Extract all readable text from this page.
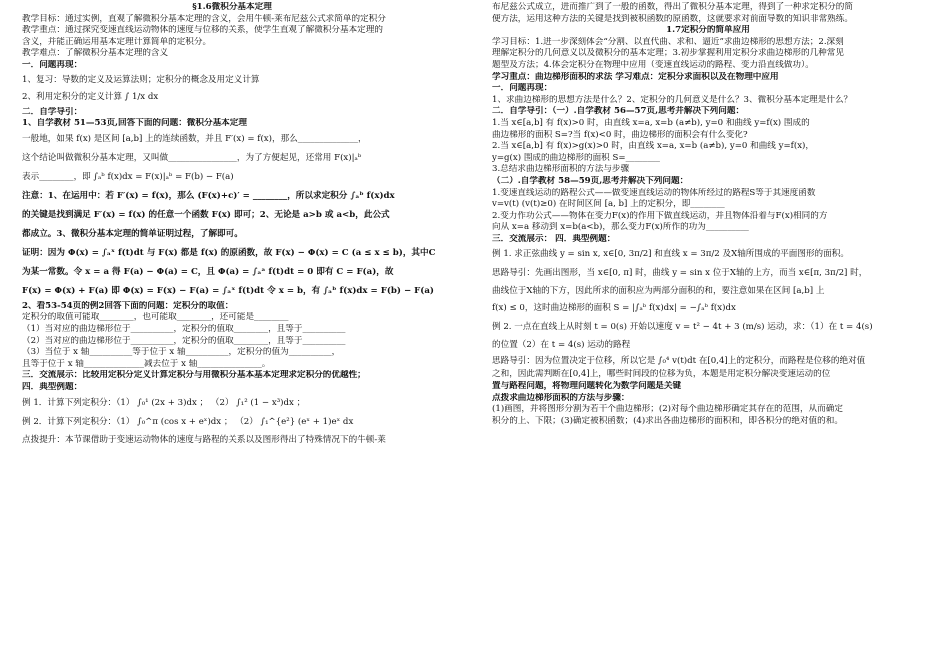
§1.6微积分基本定理
教学目标：通过实例，直观了解微积分基本定理的含义，会用牛顿-莱布尼兹公式求简单的定积分
教学重点：通过探究变速直线运动物体的速度与位移的关系，使学生直观了解微积分基本定理的
含义，并能正确运用基本定理计算简单的定积分。
教学难点：了解微积分基本定理的含义
一．问题再现：
1、复习：导数的定义及运算法则；定积分的概念及用定义计算
2、利用定积分的定义计算 ∫ 1/x dx
二．自学导引：
1、自学教材 51—53页,回答下面的问题：微积分基本定理
一般地，如果 f(x) 是区间 [a,b] 上的连续函数，并且 F′(x) = f(x)，那么______________，
这个结论叫做微积分基本定理，又叫做________________，为了方便起见，还常用 F(x)|ₐᵇ
表示________，即 ∫ₐᵇ f(x)dx = F(x)|ₐᵇ = F(b) − F(a)
注意：1、在运用中：若 F′(x) = f(x)，那么 (F(x)+c)′ = ________，所以求定积分 ∫ₐᵇ f(x)dx
的关键是找到满足 F′(x) = f(x) 的任意一个函数 F(x) 即可；2、无论是 a>b 或 a<b，此公式
都成立。3、微积分基本定理的简单证明过程，了解即可。
证明：因为 Φ(x) = ∫ₐˣ f(t)dt 与 F(x) 都是 f(x) 的原函数，故 F(x) − Φ(x) = C (a ≤ x ≤ b)，其中C
为某一常数。令 x = a 得 F(a) − Φ(a) = C，且 Φ(a) = ∫ₐᵃ f(t)dt = 0 即有 C = F(a)，故
F(x) = Φ(x) + F(a) 即 Φ(x) = F(x) − F(a) = ∫ₐˣ f(t)dt 令 x = b，有 ∫ₐᵇ f(x)dx = F(b) − F(a)
2、看53-54页的例2回答下面的问题：定积分的取值：
定积分的取值可能取________，也可能取________，还可能是________
（1）当对应的曲边梯形位于__________，定积分的值取________，且等于__________
（2）当对应的曲边梯形位于__________，定积分的值取________，且等于__________
（3）当位于 x 轴__________等于位于 x 轴__________，定积分的值为__________，
且等于位于 x 轴______________减去位于 x 轴_______________。
三．交流展示：比较用定积分定义计算定积分与用微积分基本基本定理求定积分的优越性；
四．典型例题：
例 1．计算下列定积分：（1） ∫₀¹ (2x + 3)dx ； （2） ∫₁² (1 − x³)dx ；
例 2．计算下列定积分：（1） ∫₀^π (cos x + eˣ)dx ； （2） ∫₁^{e²} (eˣ + 1)eˣ dx
点拨提升：本节课借助于变速运动物体的速度与路程的关系以及图形得出了特殊情况下的牛顿-莱
布尼兹公式成立，进而推广到了一般的函数，得出了微积分基本定理，得到了一种求定积分的简
便方法，运用这种方法的关键是找到被积函数的原函数，这就要求对前面导数的知识非常熟练。
1.7定积分的简单应用
学习目标：1.进一步深刻体会“分割、以直代曲、求和、逼近”求曲边梯形的思想方法；2.深刻
理解定积分的几何意义以及微积分的基本定理；3.初步掌握利用定积分求曲边梯形的几种常见
题型及方法；4.体会定积分在物理中应用（变速直线运动的路程、变力沿直线做功）。
学习重点：曲边梯形面积的求法 学习难点：定积分求面积以及在物理中应用
一．问题再现：
1、求曲边梯形的思想方法是什么？2、定积分的几何意义是什么？3、微积分基本定理是什么？
二．自学导引：（一）.自学教材 56—57页,思考并解决下列问题：
1.当 x∈[a,b] 有 f(x)>0 时，由直线 x=a, x=b (a≠b), y=0 和曲线 y=f(x) 围成的
曲边梯形的面积 S=?当 f(x)<0 时，曲边梯形的面积会有什么变化?
2.当 x∈[a,b] 有 f(x)>g(x)>0 时，由直线 x=a, x=b (a≠b), y=0 和曲线 y=f(x)，
y=g(x) 围成的曲边梯形的面积 S=________
3.总结求曲边梯形面积的方法与步骤
（二）.自学教材 58—59页,思考并解决下列问题：
1.变速直线运动的路程公式——做变速直线运动的物体所经过的路程S等于其速度函数
v=v(t) (v(t)≥0) 在时间区间 [a, b] 上的定积分，即________
2.变力作功公式——物体在变力F(x)的作用下做直线运动，并且物体沿着与F(x)相同的方
向从 x=a 移动到 x=b(a<b)，那么变力F(x)所作的功为__________
三．交流展示： 四．典型例题：
例 1. 求正弦曲线 y = sin x, x∈[0, 3π/2] 和直线 x = 3π/2 及X轴所围成的平面图形的面积。
思路导引：先画出图形，当 x∈[0, π] 时，曲线 y = sin x 位于X轴的上方，而当 x∈[π, 3π/2] 时，
曲线位于X轴的下方，因此所求的面积应为两部分面积的和，要注意如果在区间 [a,b] 上
f(x) ≤ 0，这时曲边梯形的面积 S = |∫ₐᵇ f(x)dx| = −∫ₐᵇ f(x)dx
例 2. 一点在直线上从时刻 t = 0(s) 开始以速度 v = t² − 4t + 3 (m/s) 运动，求：（1）在 t = 4(s)
的位置（2）在 t = 4(s) 运动的路程
思路导引：因为位置决定于位移，所以它是 ∫₀⁴ v(t)dt 在[0,4]上的定积分，而路程是位移的绝对值
之和，因此需判断在[0,4]上，哪些时间段的位移为负，本题是用定积分解决变速运动的位
置与路程问题，将物理问题转化为数学问题是关键
点拨求曲边梯形面积的方法与步骤：
(1)画图，并将图形分割为若干个曲边梯形；(2)对每个曲边梯形确定其存在的范围，从而确定
积分的上、下限；(3)确定被积函数；(4)求出各曲边梯形的面积和，即各积分的绝对值的和。
